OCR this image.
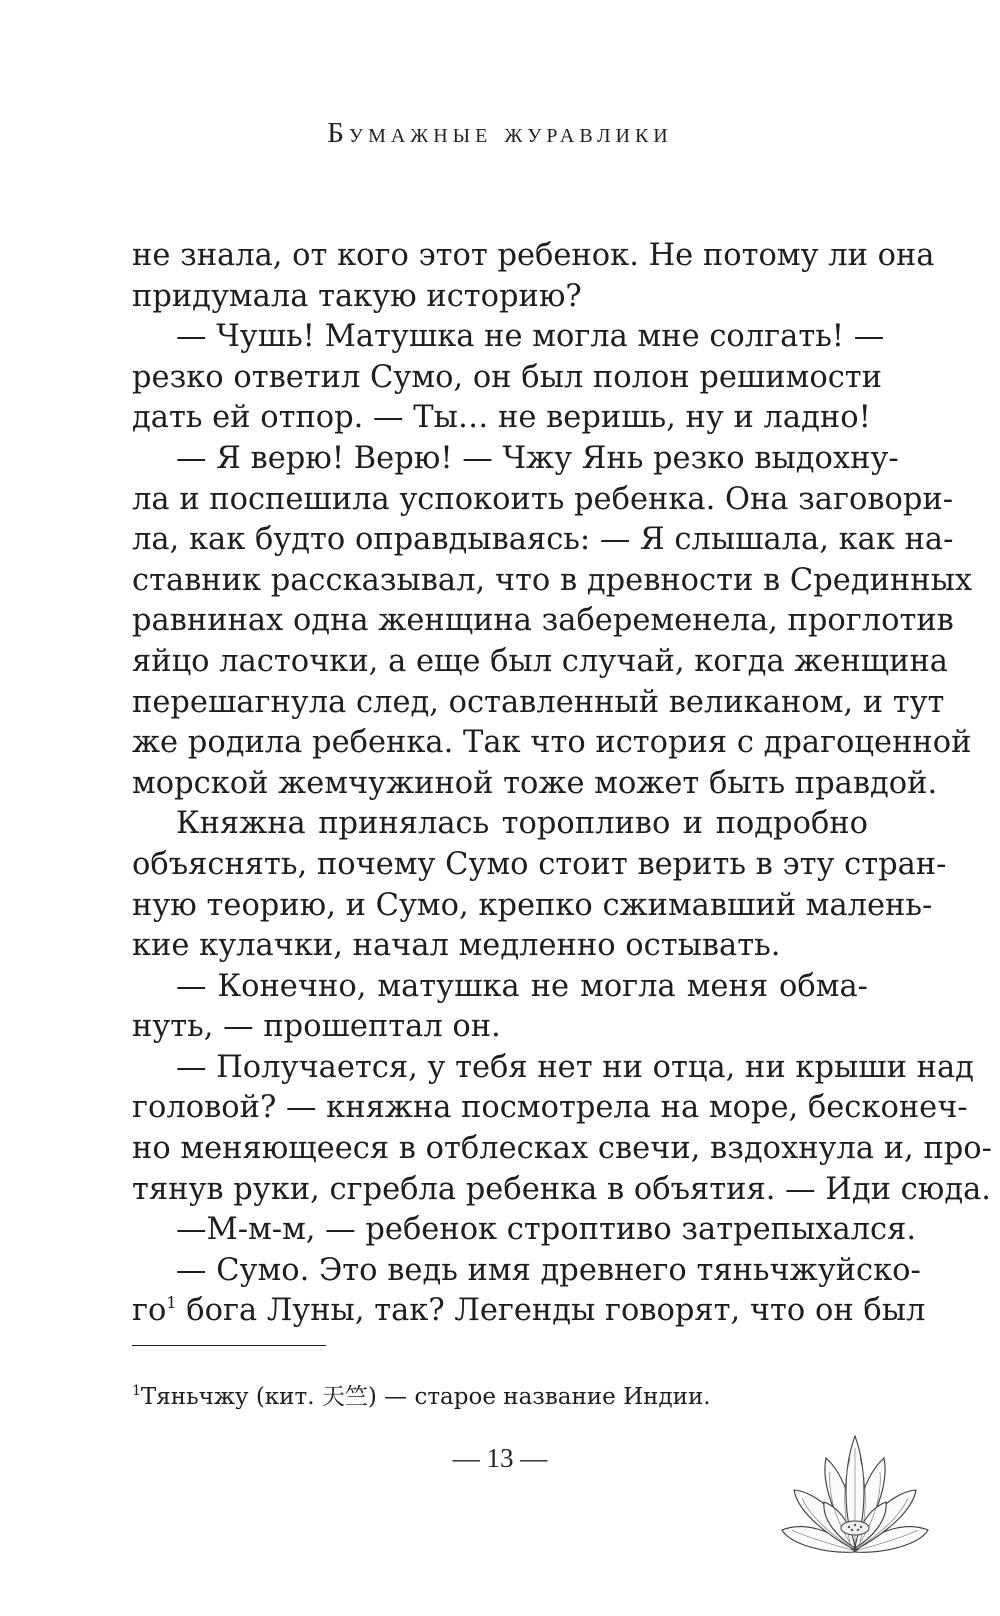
Бумажные журавлики
не знала, от кого этот ребенок. Не потому ли она
придумала такую историю?
— Чушь! Матушка не могла мне солгать! —
резко ответил Сумо, он был полон решимости
дать ей отпор. — Ты… не веришь, ну и ладно!
— Я верю! Верю! — Чжу Янь резко выдохну-
ла и поспешила успокоить ребенка. Она заговори-
ла, как будто оправдываясь: — Я слышала, как на-
ставник рассказывал, что в древности в Срединных
равнинах одна женщина забеременела, проглотив
яйцо ласточки, а еще был случай, когда женщина
перешагнула след, оставленный великаном, и тут
же родила ребенка. Так что история с драгоценной
морской жемчужиной тоже может быть правдой.
Княжна принялась торопливо и подробно
объяснять, почему Сумо стоит верить в эту стран-
ную теорию, и Сумо, крепко сжимавший малень-
кие кулачки, начал медленно остывать.
— Конечно, матушка не могла меня обма-
нуть, — прошептал он.
— Получается, у тебя нет ни отца, ни крыши над
головой? — княжна посмотрела на море, бесконеч-
но меняющееся в отблесках свечи, вздохнула и, про-
тянув руки, сгребла ребенка в объятия. — Иди сюда.
—М-м-м, — ребенок строптиво затрепыхался.
— Сумо. Это ведь имя древнего тяньчжуйско-
го$^1$ бога Луны, так? Легенды говорят, что он был
$^1$Тяньчжу (кит. 天竺) — старое название Индии.
— 13 —
